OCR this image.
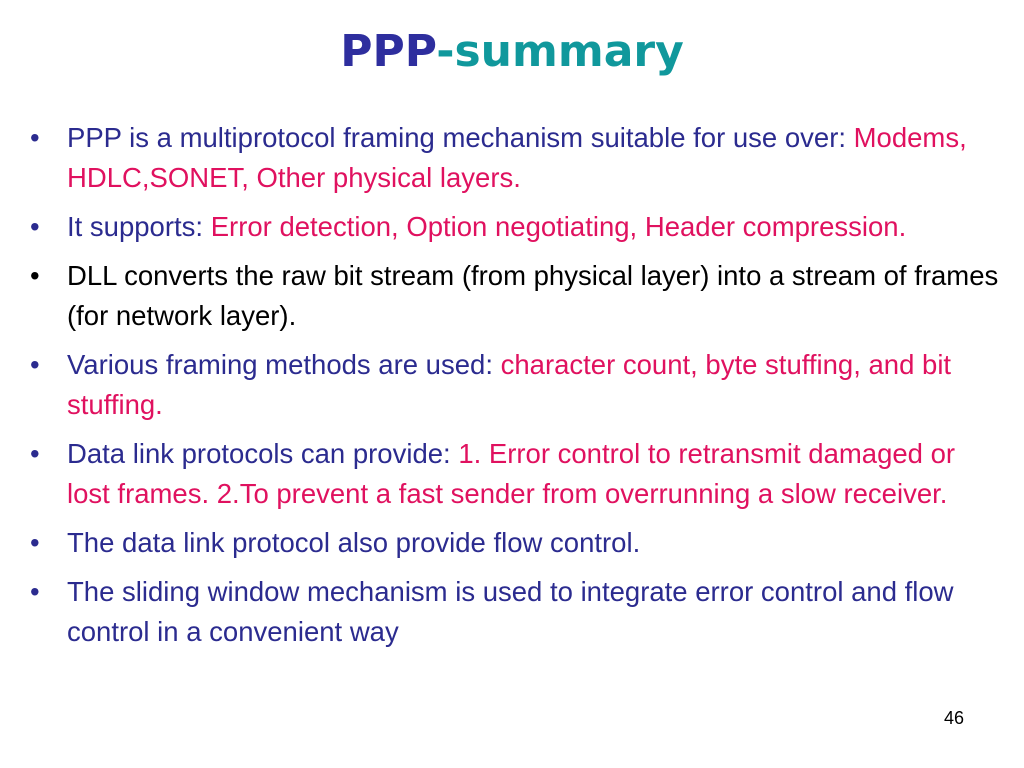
PPP-summary
• PPP is a multiprotocol framing mechanism suitable for use over: Modems, HDLC,SONET, Other physical layers.
• It supports: Error detection, Option negotiating, Header compression.
• DLL converts the raw bit stream (from physical layer) into a stream of frames (for network layer).
• Various framing methods are used: character count, byte stuffing, and bit stuffing.
• Data link protocols can provide: 1. Error control to retransmit damaged or lost frames. 2.To prevent a fast sender from overrunning a slow receiver.
• The data link protocol also provide flow control.
• The sliding window mechanism is used to integrate error control and flow control in a convenient way
46
